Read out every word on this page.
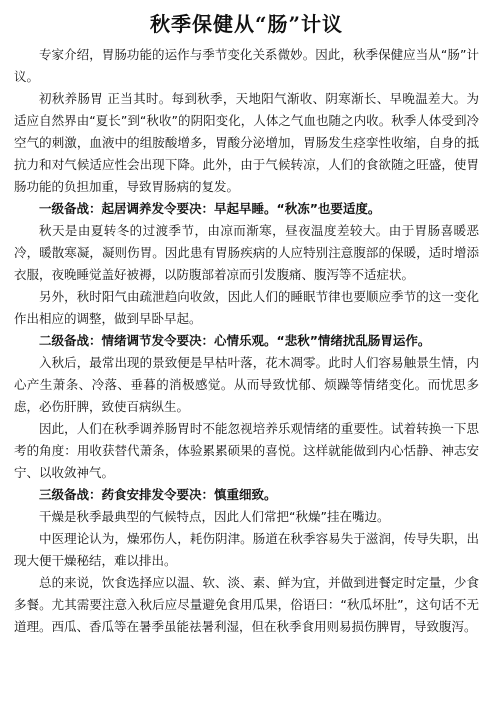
秋季保健从“肠”计议

专家介绍，胃肠功能的运作与季节变化关系微妙。因此，秋季保健应当从“肠”计议。

初秋养肠胃 正当其时。每到秋季，天地阳气渐收、阴寒渐长、早晚温差大。为适应自然界由“夏长”到“秋收”的阴阳变化，人体之气血也随之内收。秋季人体受到冷空气的刺激，血液中的组胺酸增多，胃酸分泌增加，胃肠发生痉挛性收缩，自身的抵抗力和对气候适应性会出现下降。此外，由于气候转凉，人们的食欲随之旺盛，使胃肠功能的负担加重，导致胃肠病的复发。

一级备战：起居调养发令要决：早起早睡。“秋冻”也要适度。

秋天是由夏转冬的过渡季节，由凉而渐寒，昼夜温度差较大。由于胃肠喜暖恶冷，暖散寒凝，凝则伤胃。因此患有胃肠疾病的人应特别注意腹部的保暖，适时增添衣服，夜晚睡觉盖好被褥，以防腹部着凉而引发腹痛、腹泻等不适症状。

另外，秋时阳气由疏泄趋向收敛，因此人们的睡眠节律也要顺应季节的这一变化作出相应的调整，做到早卧早起。

二级备战：情绪调节发令要决：心情乐观。“悲秋”情绪扰乱肠胃运作。

入秋后，最常出现的景致便是早枯叶落，花木凋零。此时人们容易触景生情，内心产生萧条、冷落、垂暮的消极感觉。从而导致忧郁、烦躁等情绪变化。而忧思多虑，必伤肝脾，致使百病纵生。

因此，人们在秋季调养肠胃时不能忽视培养乐观情绪的重要性。试着转换一下思考的角度：用收获替代萧条，体验累累硕果的喜悦。这样就能做到内心恬静、神志安宁、以收敛神气。

三级备战：药食安排发令要决：慎重细致。

干燥是秋季最典型的气候特点，因此人们常把“秋燥”挂在嘴边。

中医理论认为，燥邪伤人，耗伤阴津。肠道在秋季容易失于滋润，传导失职，出现大便干燥秘结，难以排出。

总的来说，饮食选择应以温、软、淡、素、鲜为宜，并做到进餐定时定量，少食多餐。尤其需要注意入秋后应尽量避免食用瓜果，俗语曰：“秋瓜坏肚”，这句话不无道理。西瓜、香瓜等在暑季虽能祛暑利湿，但在秋季食用则易损伤脾胃，导致腹泻。
